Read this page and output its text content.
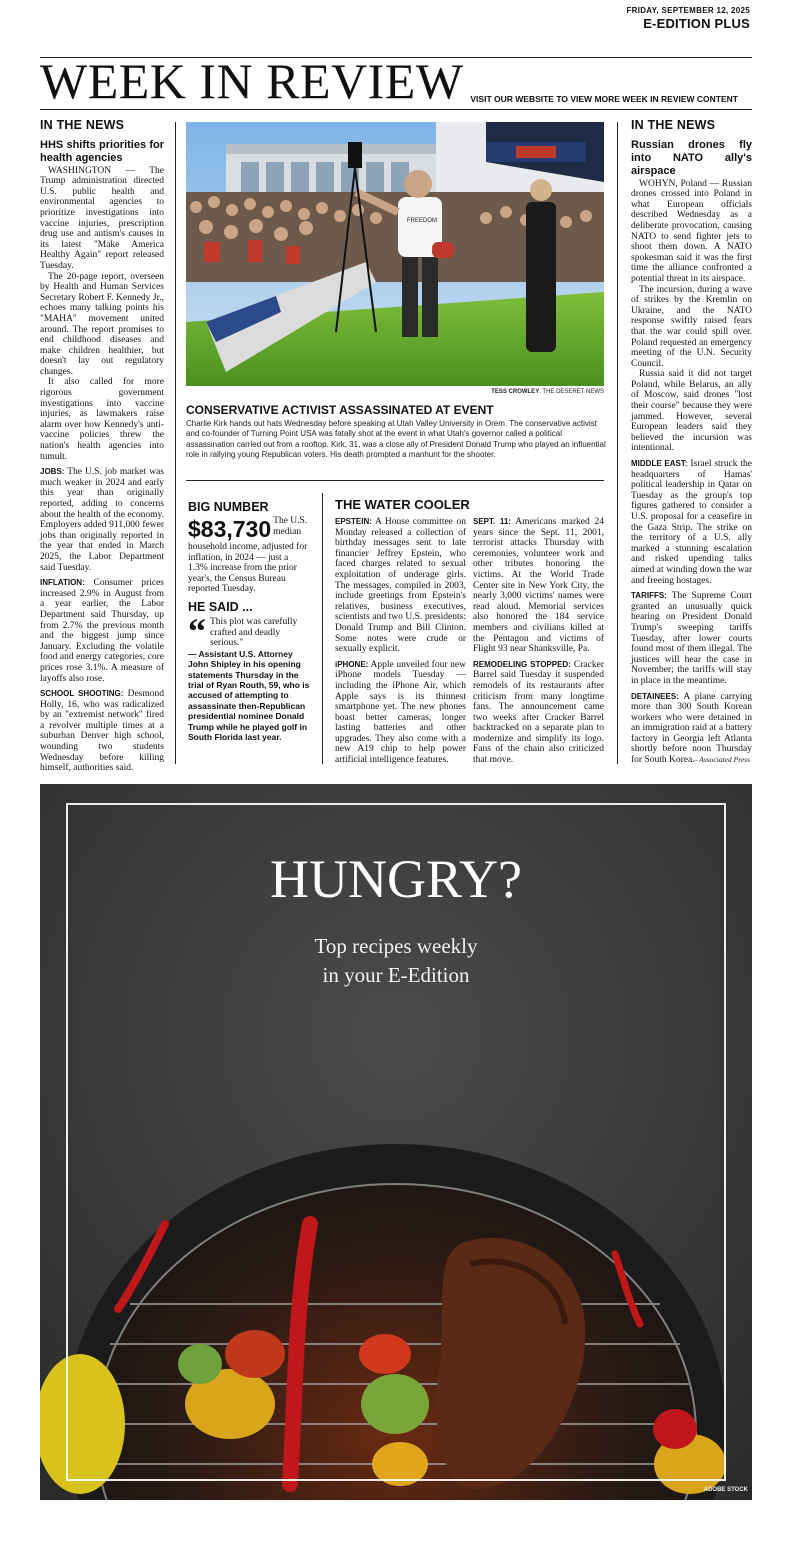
FRIDAY, SEPTEMBER 12, 2025
E-EDITION PLUS
WEEK IN REVIEW VISIT OUR WEBSITE TO VIEW MORE WEEK IN REVIEW CONTENT
IN THE NEWS
HHS shifts priorities for health agencies

WASHINGTON — The Trump administration directed U.S. public health and environmental agencies to prioritize investigations into vaccine injuries, prescription drug use and autism's causes in its latest "Make America Healthy Again" report released Tuesday.

The 20-page report, overseen by Health and Human Services Secretary Robert F. Kennedy Jr., echoes many talking points his "MAHA" movement united around. The report promises to end childhood diseases and make children healthier, but doesn't lay out regulatory changes.

It also called for more rigorous government investigations into vaccine injuries, as lawmakers raise alarm over how Kennedy's anti-vaccine policies threw the nation's health agencies into tumult.

JOBS: The U.S. job market was much weaker in 2024 and early this year than originally reported, adding to concerns about the health of the economy. Employers added 911,000 fewer jobs than originally reported in the year that ended in March 2025, the Labor Department said Tuesday.

INFLATION: Consumer prices increased 2.9% in August from a year earlier, the Labor Department said Thursday, up from 2.7% the previous month and the biggest jump since January. Excluding the volatile food and energy categories, core prices rose 3.1%. A measure of layoffs also rose.

SCHOOL SHOOTING: Desmond Holly, 16, who was radicalized by an "extremist network" fired a revolver multiple times at a suburban Denver high school, wounding two students Wednesday before killing himself, authorities said.

FREEDOM
TESS CROWLEY, THE DESERET NEWS
CONSERVATIVE ACTIVIST ASSASSINATED AT EVENT
Charlie Kirk hands out hats Wednesday before speaking at Utah Valley University in Orem. The conservative activist and co-founder of Turning Point USA was fatally shot at the event in what Utah's governor called a political assassination carried out from a rooftop. Kirk, 31, was a close ally of President Donald Trump who played an influential role in rallying young Republican voters. His death prompted a manhunt for the shooter.
BIG NUMBER
$83,730 The U.S. median household income, adjusted for inflation, in 2024 — just a 1.3% increase from the prior year's, the Census Bureau reported Tuesday.
HE SAID ...
“ This plot was carefully crafted and deadly serious."
— Assistant U.S. Attorney John Shipley in his opening statements Thursday in the trial of Ryan Routh, 59, who is accused of attempting to assassinate then-Republican presidential nominee Donald Trump while he played golf in South Florida last year.
THE WATER COOLER

EPSTEIN: A House committee on Monday released a collection of birthday messages sent to late financier Jeffrey Epstein, who faced charges related to sexual exploitation of underage girls. The messages, compiled in 2003, include greetings from Epstein's relatives, business executives, scientists and two U.S. presidents: Donald Trump and Bill Clinton. Some notes were crude or sexually explicit.

iPHONE: Apple unveiled four new iPhone models Tuesday — including the iPhone Air, which Apple says is its thinnest smartphone yet. The new phones boast better cameras, longer lasting batteries and other upgrades. They also come with a new A19 chip to help power artificial intelligence features.

SEPT. 11: Americans marked 24 years since the Sept. 11, 2001, terrorist attacks Thursday with ceremonies, volunteer work and other tributes honoring the victims. At the World Trade Center site in New York City, the nearly 3,000 victims' names were read aloud. Memorial services also honored the 184 service members and civilians killed at the Pentagon and victims of Flight 93 near Shanksville, Pa.

REMODELING STOPPED: Cracker Barrel said Tuesday it suspended remodels of its restaurants after criticism from many longtime fans. The announcement came two weeks after Cracker Barrel backtracked on a separate plan to modernize and simplify its logo. Fans of the chain also criticized that move.

IN THE NEWS
Russian drones fly into NATO ally's airspace

WOHYN, Poland — Russian drones crossed into Poland in what European officials described Wednesday as a deliberate provocation, causing NATO to send fighter jets to shoot them down. A NATO spokesman said it was the first time the alliance confronted a potential threat in its airspace.

The incursion, during a wave of strikes by the Kremlin on Ukraine, and the NATO response swiftly raised fears that the war could spill over. Poland requested an emergency meeting of the U.N. Security Council.

Russia said it did not target Poland, while Belarus, an ally of Moscow, said drones "lost their course" because they were jammed. However, several European leaders said they believed the incursion was intentional.

MIDDLE EAST: Israel struck the headquarters of Hamas' political leadership in Qatar on Tuesday as the group's top figures gathered to consider a U.S. proposal for a ceasefire in the Gaza Strip. The strike on the territory of a U.S. ally marked a stunning escalation and risked upending talks aimed at winding down the war and freeing hostages.

TARIFFS: The Supreme Court granted an unusually quick hearing on President Donald Trump's sweeping tariffs Tuesday, after lower courts found most of them illegal. The justices will hear the case in November; the tariffs will stay in place in the meantime.

DETAINEES: A plane carrying more than 300 South Korean workers who were detained in an immigration raid at a battery factory in Georgia left Atlanta shortly before noon Thursday for South Korea. – Associated Press
HUNGRY?
Top recipes weekly
in your E-Edition
ADOBE STOCK
